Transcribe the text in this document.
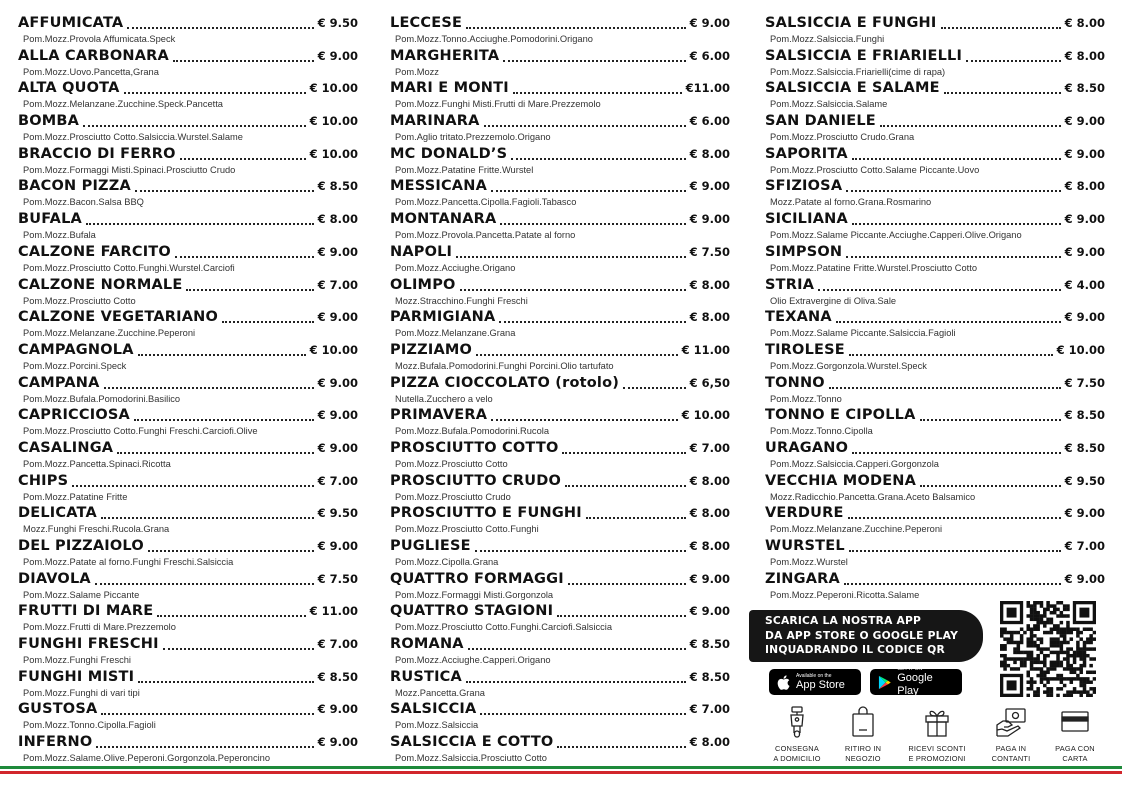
AFFUMICATA	€ 9.50
Pom.Mozz.Provola Affumicata.Speck
ALLA CARBONARA	€ 9.00
Pom.Mozz.Uovo.Pancetta,Grana
ALTA QUOTA	€ 10.00
Pom.Mozz.Melanzane.Zucchine.Speck.Pancetta
BOMBA	€ 10.00
Pom.Mozz.Prosciutto Cotto.Salsiccia.Wurstel.Salame
BRACCIO DI FERRO	€ 10.00
Pom.Mozz.Formaggi Misti.Spinaci.Prosciutto Crudo
BACON PIZZA	€ 8.50
Pom.Mozz.Bacon.Salsa BBQ
BUFALA	€ 8.00
Pom.Mozz.Bufala
CALZONE FARCITO	€ 9.00
Pom.Mozz.Prosciutto Cotto.Funghi.Wurstel.Carciofi
CALZONE NORMALE	€ 7.00
Pom.Mozz.Prosciutto Cotto
CALZONE VEGETARIANO	€ 9.00
Pom.Mozz.Melanzane.Zucchine.Peperoni
CAMPAGNOLA	€ 10.00
Pom.Mozz.Porcini.Speck
CAMPANA	€ 9.00
Pom.Mozz.Bufala.Pomodorini.Basilico
CAPRICCIOSA	€ 9.00
Pom.Mozz.Prosciutto Cotto.Funghi Freschi.Carciofi.Olive
CASALINGA	€ 9.00
Pom.Mozz.Pancetta.Spinaci.Ricotta
CHIPS	€ 7.00
Pom.Mozz.Patatine Fritte
DELICATA	€ 9.50
Mozz.Funghi Freschi.Rucola.Grana
DEL PIZZAIOLO	€ 9.00
Pom.Mozz.Patate al forno.Funghi Freschi.Salsiccia
DIAVOLA	€ 7.50
Pom.Mozz.Salame Piccante
FRUTTI DI MARE	€ 11.00
Pom.Mozz.Frutti di Mare.Prezzemolo
FUNGHI FRESCHI	€ 7.00
Pom.Mozz.Funghi Freschi
FUNGHI MISTI	€ 8.50
Pom.Mozz.Funghi di vari tipi
GUSTOSA	€ 9.00
Pom.Mozz.Tonno.Cipolla.Fagioli
INFERNO	€ 9.00
Pom.Mozz.Salame.Olive.Peperoni.Gorgonzola.Peperoncino
LECCESE	€ 9.00
Pom.Mozz.Tonno.Acciughe.Pomodorini.Origano
MARGHERITA	€ 6.00
Pom.Mozz
MARI E MONTI	€11.00
Pom.Mozz.Funghi Misti.Frutti di Mare.Prezzemolo
MARINARA	€ 6.00
Pom.Aglio tritato.Prezzemolo.Origano
MC DONALD’S	€ 8.00
Pom.Mozz.Patatine Fritte.Wurstel
MESSICANA	€ 9.00
Pom.Mozz.Pancetta.Cipolla.Fagioli.Tabasco
MONTANARA	€ 9.00
Pom.Mozz.Provola.Pancetta.Patate al forno
NAPOLI	€ 7.50
Pom.Mozz.Acciughe.Origano
OLIMPO	€ 8.00
Mozz.Stracchino.Funghi Freschi
PARMIGIANA	€ 8.00
Pom.Mozz.Melanzane.Grana
PIZZIAMO	€ 11.00
Mozz.Bufala.Pomodorini.Funghi Porcini.Olio tartufato
PIZZA CIOCCOLATO (rotolo)	€ 6,50
Nutella.Zucchero a velo
PRIMAVERA	€ 10.00
Pom.Mozz.Bufala.Pomodorini.Rucola
PROSCIUTTO COTTO	€ 7.00
Pom.Mozz.Prosciutto Cotto
PROSCIUTTO CRUDO	€ 8.00
Pom.Mozz.Prosciutto Crudo
PROSCIUTTO E FUNGHI	€ 8.00
Pom.Mozz.Prosciutto Cotto.Funghi
PUGLIESE	€ 8.00
Pom.Mozz.Cipolla.Grana
QUATTRO FORMAGGI	€ 9.00
Pom.Mozz.Formaggi Misti.Gorgonzola
QUATTRO STAGIONI	€ 9.00
Pom.Mozz.Prosciutto Cotto.Funghi.Carciofi.Salsiccia
ROMANA	€ 8.50
Pom.Mozz.Acciughe.Capperi.Origano
RUSTICA	€ 8.50
Mozz.Pancetta.Grana
SALSICCIA	€ 7.00
Pom.Mozz.Salsiccia
SALSICCIA E COTTO	€ 8.00
Pom.Mozz.Salsiccia.Prosciutto Cotto
SALSICCIA E FUNGHI	€ 8.00
Pom.Mozz.Salsiccia.Funghi
SALSICCIA E FRIARIELLI	€ 8.00
Pom.Mozz.Salsiccia.Friarielli(cime di rapa)
SALSICCIA E SALAME	€ 8.50
Pom.Mozz.Salsiccia.Salame
SAN DANIELE	€ 9.00
Pom.Mozz.Prosciutto Crudo.Grana
SAPORITA	€ 9.00
Pom.Mozz.Prosciutto Cotto.Salame Piccante.Uovo
SFIZIOSA	€ 8.00
Mozz.Patate al forno.Grana.Rosmarino
SICILIANA	€ 9.00
Pom.Mozz.Salame Piccante.Acciughe.Capperi.Olive.Origano
SIMPSON	€ 9.00
Pom.Mozz.Patatine Fritte.Wurstel.Prosciutto Cotto
STRIA	€ 4.00
Olio Extravergine di Oliva.Sale
TEXANA	€ 9.00
Pom.Mozz.Salame Piccante.Salsiccia.Fagioli
TIROLESE	€ 10.00
Pom.Mozz.Gorgonzola.Wurstel.Speck
TONNO	€ 7.50
Pom.Mozz.Tonno
TONNO E CIPOLLA	€ 8.50
Pom.Mozz.Tonno.Cipolla
URAGANO	€ 8.50
Pom.Mozz.Salsiccia.Capperi.Gorgonzola
VECCHIA MODENA	€ 9.50
Mozz.Radicchio.Pancetta.Grana.Aceto Balsamico
VERDURE	€ 9.00
Pom.Mozz.Melanzane.Zucchine.Peperoni
WURSTEL	€ 7.00
Pom.Mozz.Wurstel
ZINGARA	€ 9.00
Pom.Mozz.Peperoni.Ricotta.Salame
SCARICA LA NOSTRA APP
DA APP STORE O GOOGLE PLAY
INQUADRANDO IL CODICE QR
Available on the
App Store
GET IT ON
Google Play
CONSEGNA
A DOMICILIO
RITIRO IN
NEGOZIO
RICEVI SCONTI
E PROMOZIONI
PAGA IN
CONTANTI
PAGA CON
CARTA
